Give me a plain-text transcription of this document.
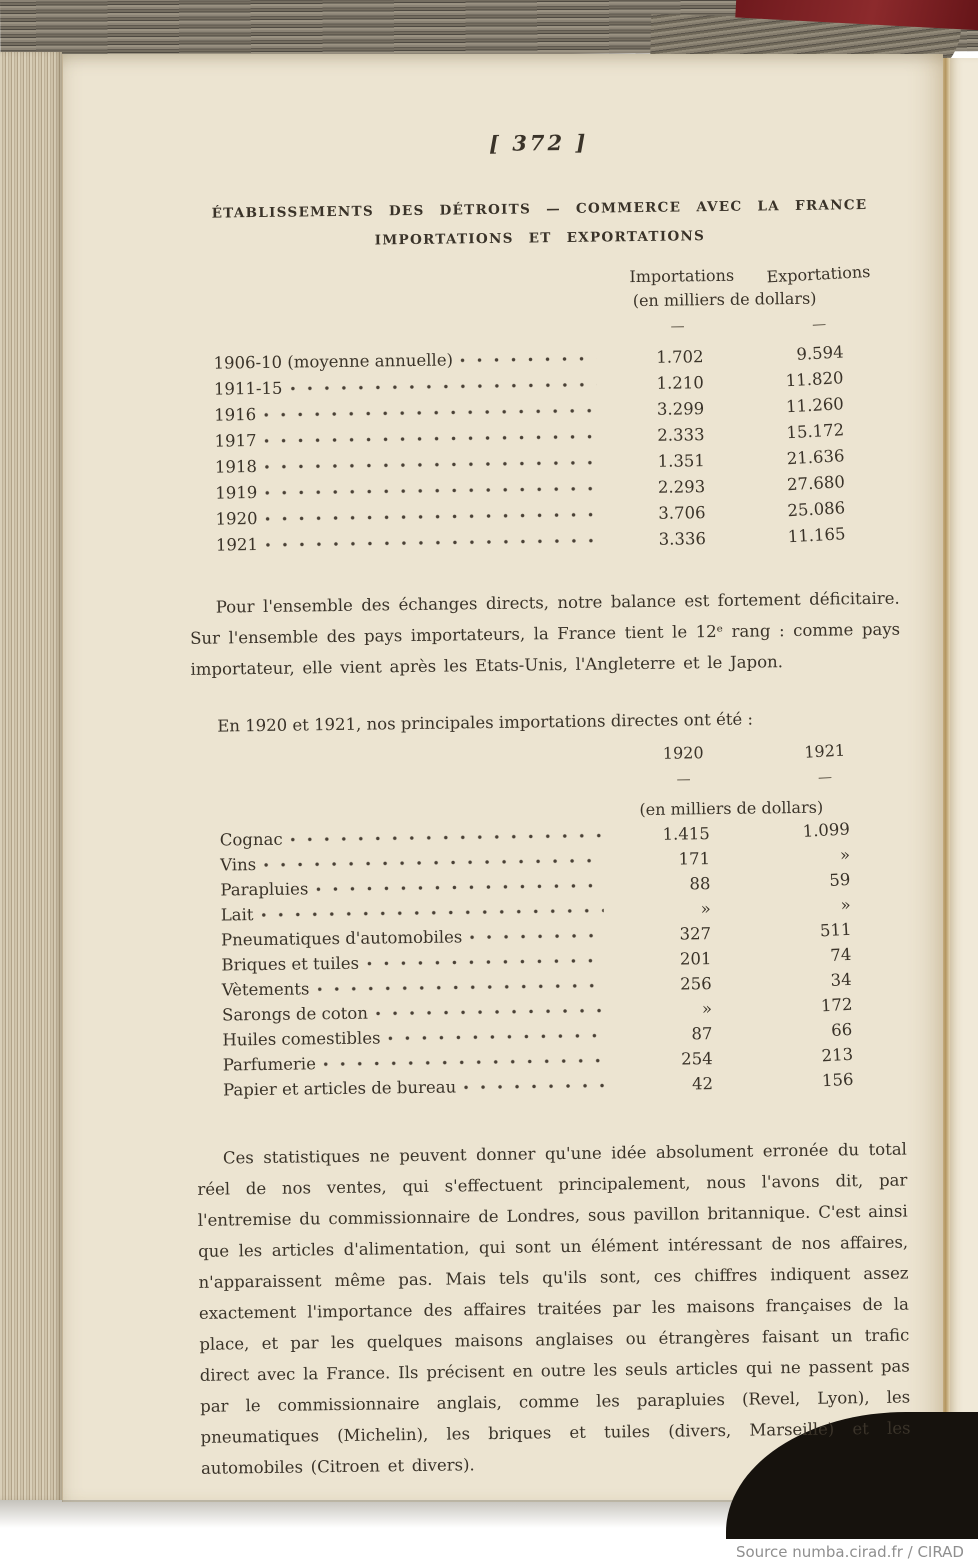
[ 372 ]
ÉTABLISSEMENTS DES DÉTROITS — COMMERCE AVEC LA FRANCE
IMPORTATIONS ET EXPORTATIONS
Importations	Exportations
(en milliers de dollars)
—	—
1906-10 (moyenne annuelle)	1.702	9.594
1911-15	1.210	11.820
1916	3.299	11.260
1917	2.333	15.172
1918	1.351	21.636
1919	2.293	27.680
1920	3.706	25.086
1921	3.336	11.165
Pour l'ensemble des échanges directs, notre balance est fortement déficitaire. Sur l'ensemble des pays importateurs, la France tient le 12ᵉ rang : comme pays importateur, elle vient après les Etats-Unis, l'Angleterre et le Japon.
En 1920 et 1921, nos principales importations directes ont été :
1920	1921
—	—
(en milliers de dollars)
Cognac	1.415	1.099
Vins	171	»
Parapluies	88	59
Lait	»	»
Pneumatiques d'automobiles	327	511
Briques et tuiles	201	74
Vètements	256	34
Sarongs de coton	»	172
Huiles comestibles	87	66
Parfumerie	254	213
Papier et articles de bureau	42	156
Ces statistiques ne peuvent donner qu'une idée absolument erronée du total réel de nos ventes, qui s'effectuent principalement, nous l'avons dit, par l'entremise du commissionnaire de Londres, sous pavillon britannique. C'est ainsi que les articles d'alimentation, qui sont un élément intéressant de nos affaires, n'apparaissent même pas. Mais tels qu'ils sont, ces chiffres indiquent assez exactement l'importance des affaires traitées par les maisons françaises de la place, et par les quelques maisons anglaises ou étrangères faisant un trafic direct avec la France. Ils précisent en outre les seuls articles qui ne passent pas par le commissionnaire anglais, comme les parapluies (Revel, Lyon), les pneumatiques (Michelin), les briques et tuiles (divers, Marseille) et les automobiles (Citroen et divers).
Source numba.cirad.fr / CIRAD
